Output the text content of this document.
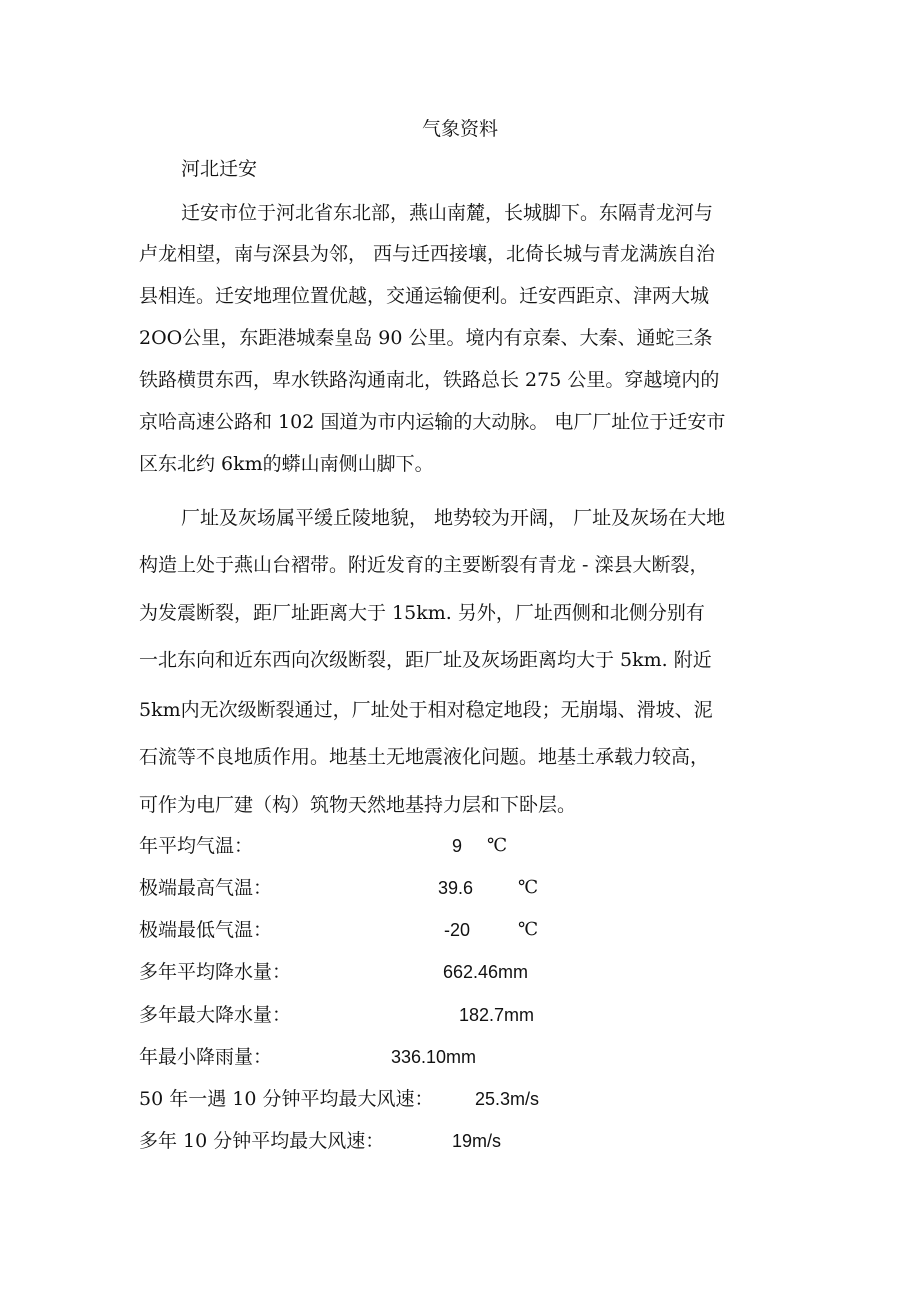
气象资料
河北迁安
迁安市位于河北省东北部，燕山南麓，长城脚下。东隔青龙河与
卢龙相望，南与深县为邻， 西与迁西接壤，北倚长城与青龙满族自治
县相连。迁安地理位置优越，交通运输便利。迁安西距京、津两大城
2OO公里，东距港城秦皇岛 90 公里。境内有京秦、大秦、通蛇三条
铁路横贯东西，卑水铁路沟通南北，铁路总长 275 公里。穿越境内的
京哈高速公路和 102 国道为市内运输的大动脉。 电厂厂址位于迁安市
区东北约 6km的蟒山南侧山脚下。
厂址及灰场属平缓丘陵地貌， 地势较为开阔， 厂址及灰场在大地
构造上处于燕山台褶带。附近发育的主要断裂有青龙 - 滦县大断裂，
为发震断裂，距厂址距离大于 15km. 另外，厂址西侧和北侧分别有
一北东向和近东西向次级断裂，距厂址及灰场距离均大于 5km. 附近
5km内无次级断裂通过，厂址处于相对稳定地段；无崩塌、滑坡、泥
石流等不良地质作用。地基土无地震液化问题。地基土承载力较高，
可作为电厂建（构）筑物天然地基持力层和下卧层。
年平均气温：	9 ℃
极端最高气温：	39.6 ℃
极端最低气温：	-20	℃
多年平均降水量：	662.46mm
多年最大降水量：	182.7mm
年最小降雨量：	336.10mm
50 年一遇 10 分钟平均最大风速： 25.3m/s
多年 10 分钟平均最大风速：	19m/s
